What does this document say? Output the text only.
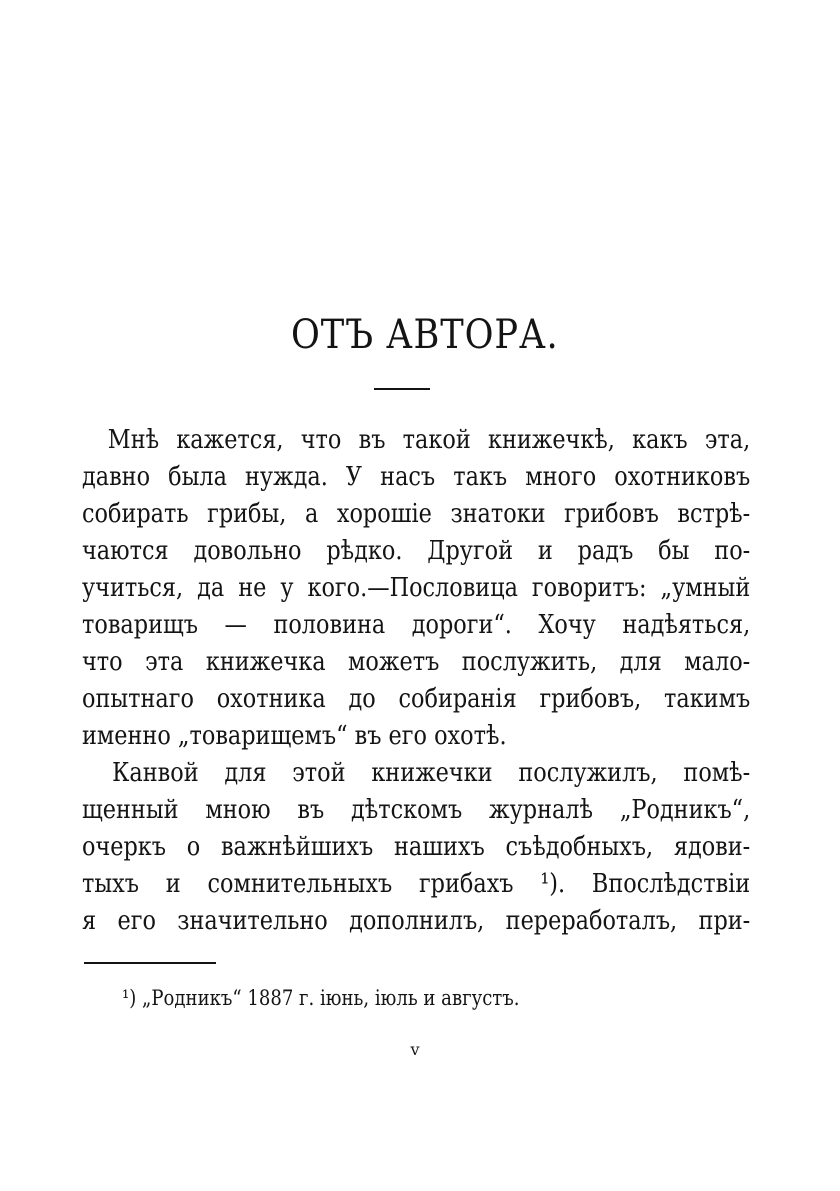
ОТЪ АВТОРА.
Мнѣ кажется, что въ такой книжечкѣ, какъ эта,
давно была нужда. У насъ такъ много охотниковъ
собирать грибы, а хорошіе знатоки грибовъ встрѣ-
чаются довольно рѣдко. Другой и радъ бы по-
учиться, да не у кого.—Пословица говоритъ: „умный
товарищъ — половина дороги“. Хочу надѣяться,
что эта книжечка можетъ послужить, для мало-
опытнаго охотника до собиранія грибовъ, такимъ
именно „товарищемъ“ въ его охотѣ.
Канвой для этой книжечки послужилъ, помѣ-
щенный мною въ дѣтскомъ журналѣ „Родникъ“,
очеркъ о важнѣйшихъ нашихъ съѣдобныхъ, ядови-
тыхъ и сомнительныхъ грибахъ ¹). Впослѣдствіи
я его значительно дополнилъ, переработалъ, при-
¹) „Родникъ“ 1887 г. іюнь, іюль и августъ.
v
